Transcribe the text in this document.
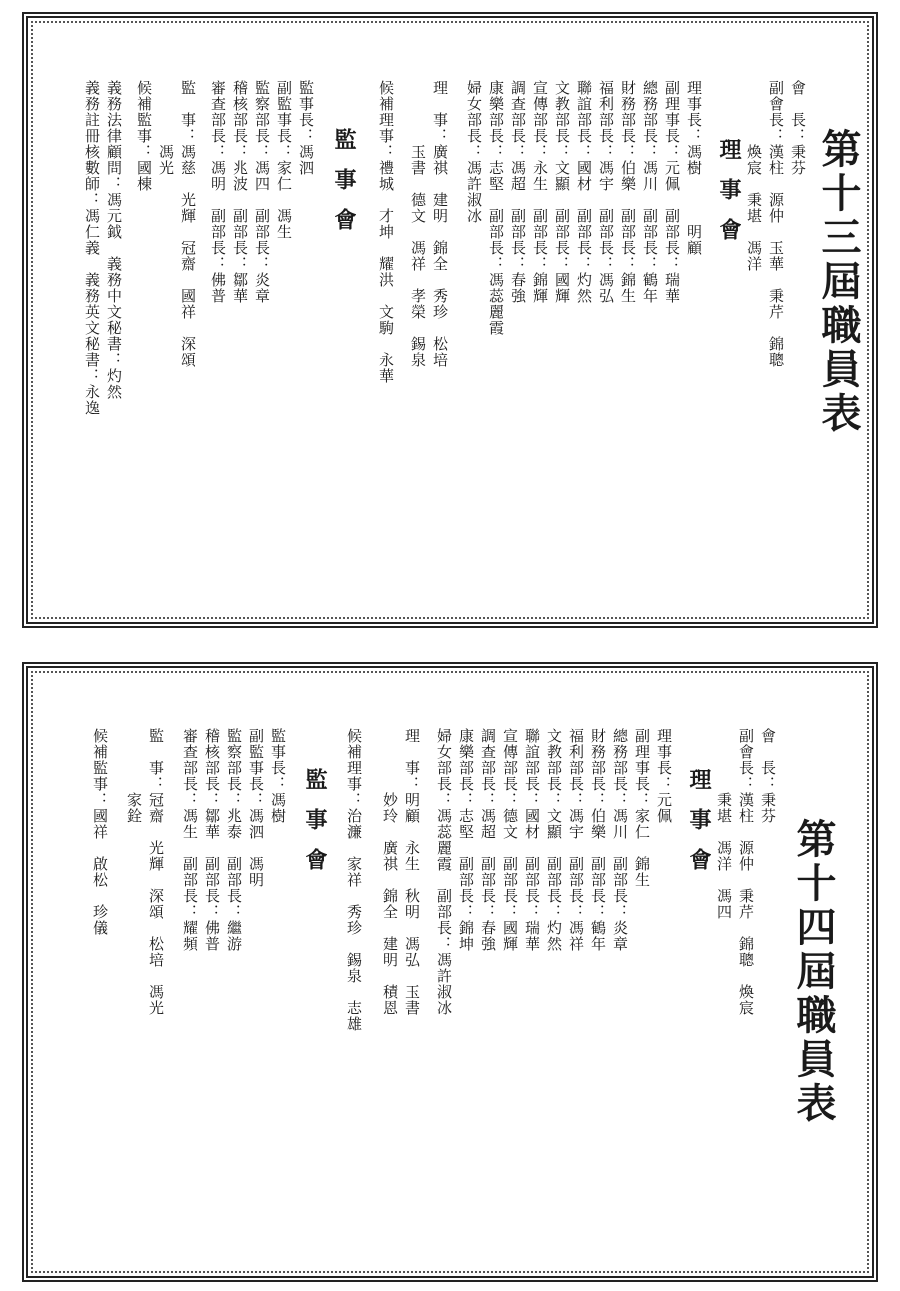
第十三屆職員表
理事會
會　長：秉芬
副會長：漢柱　源仲　玉華　秉芹　錦聰
　　　　煥宸　秉堪　馮洋
理事長：馮樹　　　明顧
副理事長：元佩　副部長：瑞華
總務部長：馮川　副部長：鶴年
財務部長：伯樂　副部長：錦生
福利部長：馮宇　副部長：馮弘
聯誼部長：國材　副部長：灼然
文教部長：文顯　副部長：國輝
宣傳部長：永生　副部長：錦輝
調查部長：馮超　副部長：春強
康樂部長：志堅　副部長：馮蕊麗霞
婦女部長：馮許淑冰
理　事：廣祺　建明　錦全　秀珍　松培
　　　　玉書　德文　馮祥　孝榮　錫泉
候補理事：禮城　才坤　耀洪　文駒　永華
監事會
監事長：馮泗
副監事長：家仁　馮生
監察部長：馮四　副部長：炎章
稽核部長：兆波　副部長：鄒華
審查部長：馮明　副部長：佛普
監　事：馮慈　光輝　冠齋　國祥　深頌
　　　　馮光
候補監事：國棟
義務法律顧問：馮元鉞　義務中文秘書：灼然
義務註冊核數師：馮仁義　義務英文秘書：永逸
第十四屆職員表
理事會	會　長：秉芬
副會長：漢柱　源仲　秉芹　錦聰　煥宸
　　　　秉堪　馮洋　馮四
理事長：元佩
副理事長：家仁　錦生
總務部長：馮川　副部長：炎章
財務部長：伯樂　副部長：鶴年
福利部長：馮宇　副部長：馮祥
文教部長：文顯　副部長：灼然
聯誼部長：國材　副部長：瑞華
宣傳部長：德文　副部長：國輝
調查部長：馮超　副部長：春強
康樂部長：志堅　副部長：錦坤
婦女部長：馮蕊麗霞　副部長：馮許淑冰
理　事：明顧　永生　秋明　馮弘　玉書
　　　　妙玲　廣祺　錦全　建明　積恩
候補理事：治濂　家祥　秀珍　錫泉　志雄
監事會
監事長：馮樹
副監事長：馮泗　馮明
監察部長：兆泰　副部長：繼游
稽核部長：鄒華　副部長：佛普
審查部長：馮生　副部長：耀頻
監　事：冠齋　光輝　深頌　松培　馮光
　　　　家銓
候補監事：國祥　啟松　珍儀
